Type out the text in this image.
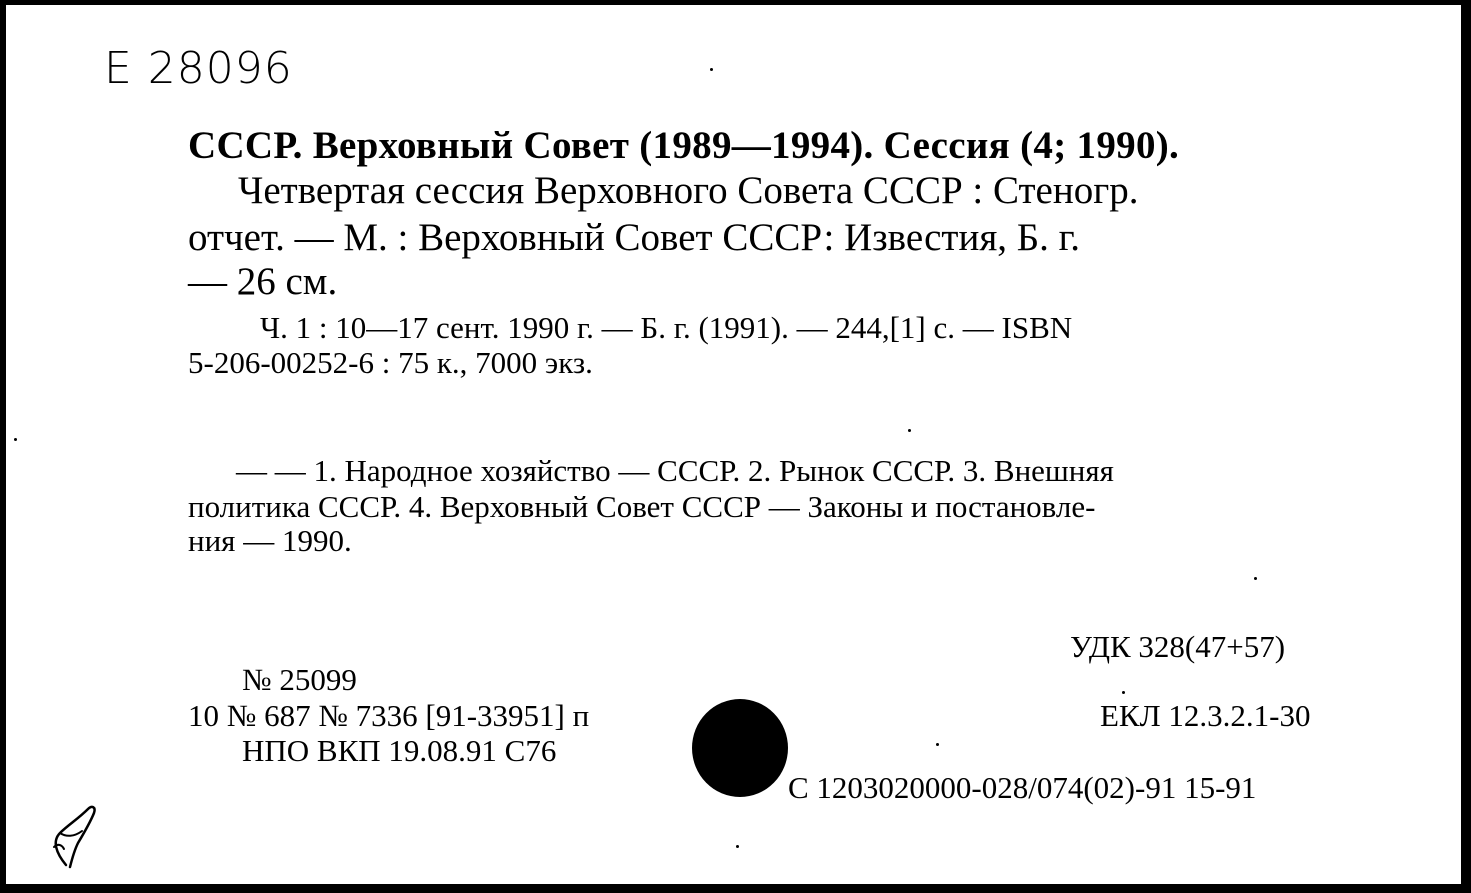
Е 28096
СССР. Верховный Совет (1989—1994). Сессия (4; 1990).
Четвертая сессия Верховного Совета СССР : Стеногр.
отчет. — М. : Верховный Совет СССР: Известия, Б. г.
— 26 см.
Ч. 1 : 10—17 сент. 1990 г. — Б. г. (1991). — 244,[1] с. — ISBN
5-206-00252-6 : 75 к., 7000 экз.
— — 1. Народное хозяйство — СССР. 2. Рынок СССР. 3. Внешняя
политика СССР. 4. Верховный Совет СССР — Законы и постановле-
ния — 1990.
УДК 328(47+57)
№ 25099
10 № 687 № 7336 [91-33951] п	ЕКЛ 12.3.2.1-30
НПО ВКП 19.08.91 С76
С 1203020000-028/074(02)-91 15-91
